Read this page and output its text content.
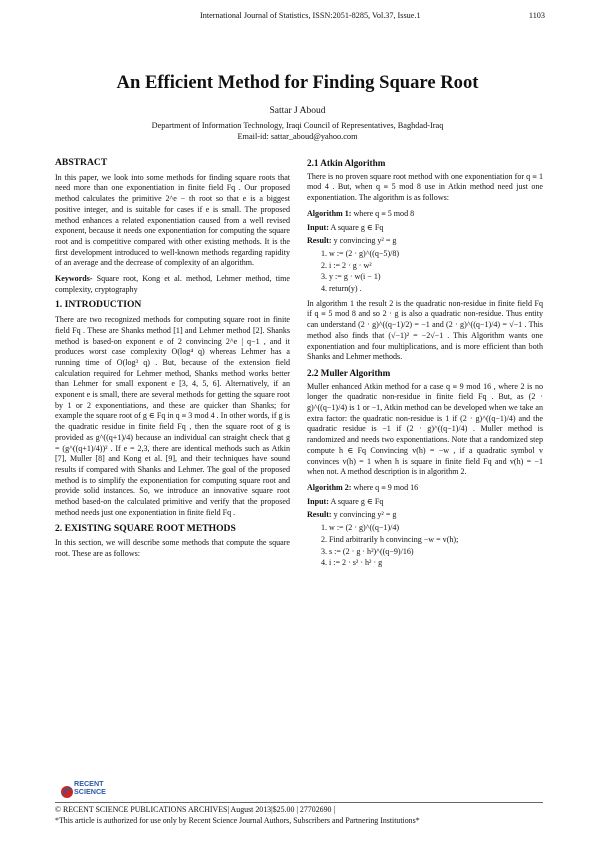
International Journal of Statistics, ISSN:2051-8285, Vol.37, Issue.1	1103
An Efficient Method for Finding Square Root
Sattar J Aboud
Department of Information Technology, Iraqi Council of Representatives, Baghdad-Iraq
Email-id: sattar_aboud@yahoo.com
ABSTRACT

In this paper, we look into some methods for finding square roots that need more than one exponentiation in finite field Fq . Our proposed method calculates the primitive 2^e − th root so that e is a biggest positive integer, and is suitable for cases if e is small. The proposed method enhances a related exponentiation caused from a well revised exponent, because it needs one exponentiation for computing the square root and is competitive compared with other existing methods. It is the first development introduced to well-known methods regarding rapidity of an average and the decrease of complexity of an algorithm.

Keywords- Square root, Kong et al. method, Lehmer method, time complexity, cryptography

1. INTRODUCTION

There are two recognized methods for computing square root in finite field Fq . These are Shanks method [1] and Lehmer method [2]. Shanks method is based-on exponent e of 2 convincing 2^e | q−1 , and it produces worst case complexity O(log⁴ q) whereas Lehmer has a running time of O(log³ q) . But, because of the extension field calculation required for Lehmer method, Shanks method works better than Lehmer for small exponent e [3, 4, 5, 6]. Alternatively, if an exponent e is small, there are several methods for getting the square root by 1 or 2 exponentiations, and these are quicker than Shanks; for example the square root of g ∈ Fq in q ≡ 3 mod 4 . In other words, if g is the quadratic residue in finite field Fq , then the square root of g is provided as g^((q+1)/4) because an individual can straight check that g = (g^((q+1)/4))² . If e = 2,3, there are identical methods such as Atkin [7], Muller [8] and Kong et al. [9], and their techniques have sound results if compared with Shanks and Lehmer. The goal of the proposed method is to simplify the exponentiation for computing square root and provide solid instances. So, we introduce an innovative square root method based-on the calculated primitive and verify that the proposed method needs just one exponentiation in finite field Fq .

2. EXISTING SQUARE ROOT METHODS

In this section, we will describe some methods that compute the square root. These are as follows:

2.1 Atkin Algorithm

There is no proven square root method with one exponentiation for q ≡ 1 mod 4 . But, when q ≡ 5 mod 8 use in Atkin method need just one exponentiation. The algorithm is as follows:

Algorithm 1: where q ≡ 5 mod 8
Input: A square g ∈ Fq
Result: y convincing y² = g
1. w := (2 · g)^((q−5)/8)
2. i := 2 · g · w²
3. y := g · w(i − 1)
4. return(y) .

In algorithm 1 the result 2 is the quadratic non-residue in finite field Fq if q ≡ 5 mod 8 and so 2 · g is also a quadratic non-residue. Thus entity can understand (2 · g)^((q−1)/2) = −1 and (2 · g)^((q−1)/4) = √−1 . This method also finds that (√−1)² = −2√−1 . This Algorithm wants one exponentiation and four multiplications, and is more efficient than both Shanks and Lehmer methods.

2.2 Muller Algorithm

Muller enhanced Atkin method for a case q ≡ 9 mod 16 , where 2 is no longer the quadratic non-residue in finite field Fq . But, as (2 · g)^((q−1)/4) is 1 or −1, Atkin method can be developed when we take an extra factor: the quadratic non-residue is 1 if (2 · g)^((q−1)/4) and the quadratic residue is −1 if (2 · g)^((q−1)/4) . Muller method is randomized and needs two exponentiations. Note that a randomized step compute h ∈ Fq Convincing v(h) = −w , if a quadratic symbol v convinces v(h) = 1 when h is square in finite field Fq and v(h) = −1 when not. A method description is in algorithm 2.

Algorithm 2: where q ≡ 9 mod 16
Input: A square g ∈ Fq
Result: y convincing y² = g
1. w := (2 · g)^((q−1)/4)
2. Find arbitrarily h convincing −w = v(h);
3. s := (2 · g · h²)^((q−9)/16)
4. i := 2 · s² · h² · g
RECENT
SCIENCE
© RECENT SCIENCE PUBLICATIONS ARCHIVES| August 2013|$25.00 | 27702690 |
*This article is authorized for use only by Recent Science Journal Authors, Subscribers and Partnering Institutions*
